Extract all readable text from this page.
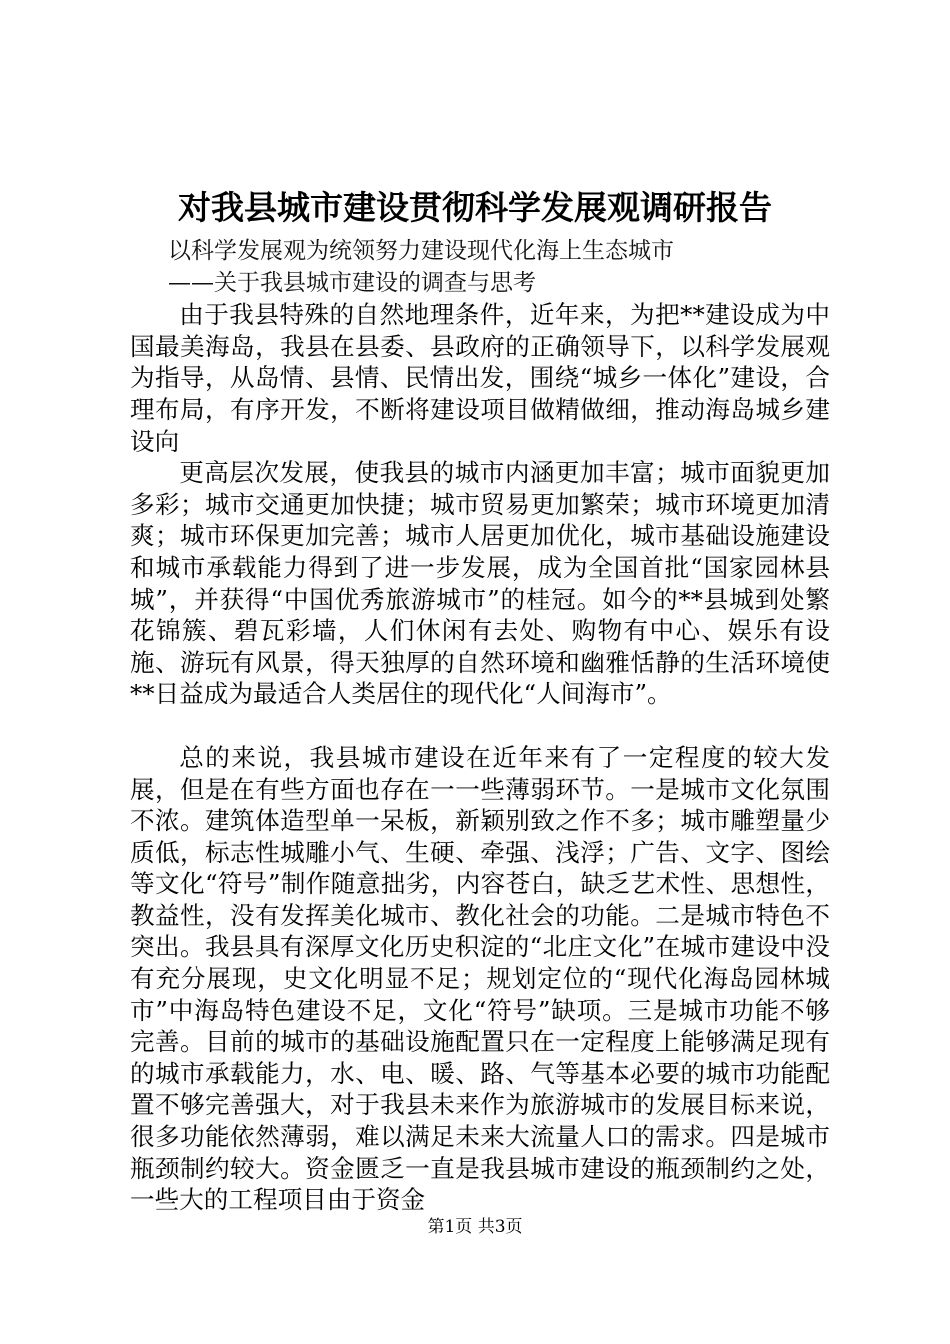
对我县城市建设贯彻科学发展观调研报告

以科学发展观为统领努力建设现代化海上生态城市

——关于我县城市建设的调查与思考

由于我县特殊的自然地理条件，近年来，为把**建设成为中国最美海岛，我县在县委、县政府的正确领导下，以科学发展观为指导，从岛情、县情、民情出发，围绕“城乡一体化”建设，合理布局，有序开发，不断将建设项目做精做细，推动海岛城乡建设向

更高层次发展，使我县的城市内涵更加丰富；城市面貌更加多彩；城市交通更加快捷；城市贸易更加繁荣；城市环境更加清爽；城市环保更加完善；城市人居更加优化，城市基础设施建设和城市承载能力得到了进一步发展，成为全国首批“国家园林县城”，并获得“中国优秀旅游城市”的桂冠。如今的**县城到处繁花锦簇、碧瓦彩墙，人们休闲有去处、购物有中心、娱乐有设施、游玩有风景，得天独厚的自然环境和幽雅恬静的生活环境使**日益成为最适合人类居住的现代化“人间海市”。

总的来说，我县城市建设在近年来有了一定程度的较大发展，但是在有些方面也存在一一些薄弱环节。一是城市文化氛围不浓。建筑体造型单一呆板，新颖别致之作不多；城市雕塑量少质低，标志性城雕小气、生硬、牵强、浅浮；广告、文字、图绘等文化“符号”制作随意拙劣，内容苍白，缺乏艺术性、思想性，教益性，没有发挥美化城市、教化社会的功能。二是城市特色不突出。我县具有深厚文化历史积淀的“北庄文化”在城市建设中没有充分展现，史文化明显不足；规划定位的“现代化海岛园林城市”中海岛特色建设不足，文化“符号”缺项。三是城市功能不够完善。目前的城市的基础设施配置只在一定程度上能够满足现有的城市承载能力，水、电、暖、路、气等基本必要的城市功能配置不够完善强大，对于我县未来作为旅游城市的发展目标来说，很多功能依然薄弱，难以满足未来大流量人口的需求。四是城市瓶颈制约较大。资金匮乏一直是我县城市建设的瓶颈制约之处，一些大的工程项目由于资金

第1页 共3页
